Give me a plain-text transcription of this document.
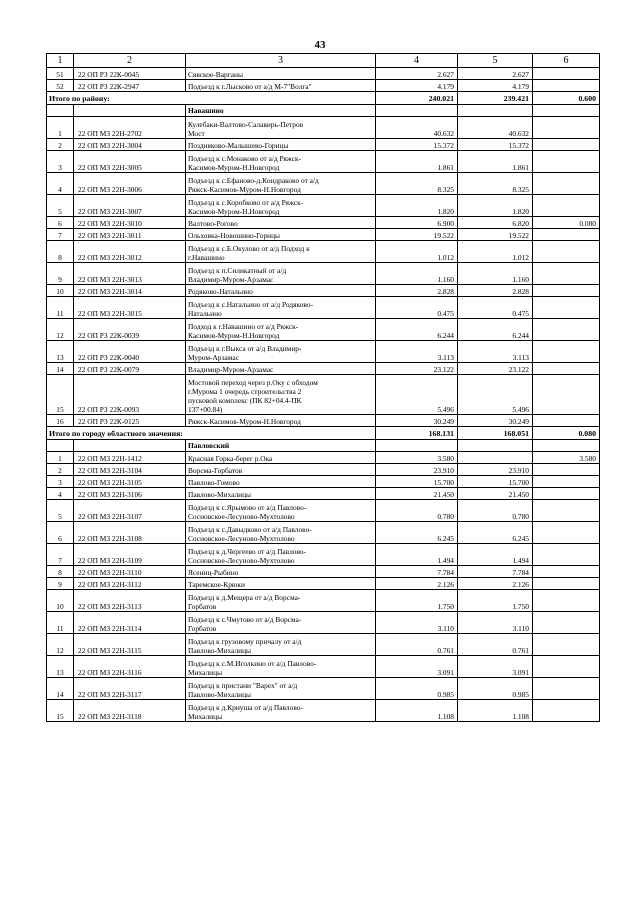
43
1	2	3	4	5	6
51	22 ОП РЗ 22К-0045	Сявское-Варганы	2.627	2.627	
52	22 ОП РЗ 22К-2947	Подъезд к г.Лысково от а/д М-7"Волга"	4.179	4.179	
Итого по району:			240.021	239.421	0.600
		Навашино			
1	22 ОП МЗ 22Н-2702	Кулебаки-Валтово-Салавирь-Петров
Мост	40.632	40.632	
2	22 ОП МЗ 22Н-3004	Поздняково-Малышево-Горицы	15.372	15.372	
3	22 ОП МЗ 22Н-3005	Подъезд к с.Монаково от а/д Ряжск-
Касимов-Муром-Н.Новгород	1.861	1.861	
4	22 ОП МЗ 22Н-3006	Подъезд к с.Ефаново-д.Кондраково от а/д
Ряжск-Касимов-Муром-Н.Новгород	8.325	8.325	
5	22 ОП МЗ 22Н-3007	Подъезд к с.Коробково от а/д Ряжск-
Касимов-Муром-Н.Новгород	1.820	1.820	
6	22 ОП МЗ 22Н-3010	Валтово-Рогово	6.900	6.820	0.080
7	22 ОП МЗ 22Н-3011	Ольховка-Новошино-Горицы	19.522	19.522	
8	22 ОП МЗ 22Н-3012	Подъезд к с.Б.Окулово от а/д Подход к
г.Навашино	1.012	1.012	
9	22 ОП МЗ 22Н-3013	Подъезд к п.Силикатный от а/д
Владимир-Муром-Арзамас	1.160	1.160	
10	22 ОП МЗ 22Н-3014	Родяково-Натальино	2.828	2.828	
11	22 ОП МЗ 22Н-3015	Подъезд к с.Натальино от а/д Родяково-
Натальино	0.475	0.475	
12	22 ОП РЗ 22К-0039	Подход к г.Навашино от а/д Ряжск-
Касимов-Муром-Н.Новгород	6.244	6.244	
13	22 ОП РЗ 22К-0040	Подъезд к г.Выкса от а/д Владимир-
Муром-Арзамас	3.113	3.113	
14	22 ОП РЗ 22К-0079	Владимир-Муром-Арзамас	23.122	23.122	
15	22 ОП РЗ 22К-0093	Мостовой переход через р.Оку с обходом
г.Мурома 1 очередь строительства 2
пусковой комплекс (ПК 82+04.4-ПК
137+00.84)	5.496	5.496	
16	22 ОП РЗ 22К-0125	Ряжск-Касимов-Муром-Н.Новгород	30.249	30.249	
Итого по городу областного значения:			168.131	168.051	0.080
		Павловский			
1	22 ОП МЗ 22Н-1412	Красная Горка-берег р.Ока	3.580		3.580
2	22 ОП МЗ 22Н-3104	Ворсма-Горбатов	23.910	23.910	
3	22 ОП МЗ 22Н-3105	Павлово-Гомово	15.700	15.700	
4	22 ОП МЗ 22Н-3106	Павлово-Михалицы	21.450	21.450	
5	22 ОП МЗ 22Н-3107	Подъезд к с.Ярымово от а/д Павлово-
Сосновское-Лесуново-Мухтолово	0.780	0.780	
6	22 ОП МЗ 22Н-3108	Подъезд к с.Давыдково от а/д Павлово-
Сосновское-Лесуново-Мухтолово	6.245	6.245	
7	22 ОП МЗ 22Н-3109	Подъезд к д.Чергеево от а/д Павлово-
Сосновское-Лесуново-Мухтолово	1.494	1.494	
8	22 ОП МЗ 22Н-3110	Ясениц-Рыбино	7.784	7.784	
9	22 ОП МЗ 22Н-3112	Таремское-Крюки	2.126	2.126	
10	22 ОП МЗ 22Н-3113	Подъезд к д.Мещера от а/д Ворсма-
Горбатов	1.750	1.750	
11	22 ОП МЗ 22Н-3114	Подъезд к с.Чмутово от а/д Ворсма-
Горбатов	3.110	3.110	
12	22 ОП МЗ 22Н-3115	Подъезд к грузовому причалу от а/д
Павлово-Михалицы	0.761	0.761	
13	22 ОП МЗ 22Н-3116	Подъезд к с.М.Иголкино от а/д Павлово-
Михалицы	3.091	3.091	
14	22 ОП МЗ 22Н-3117	Подъезд к пристани "Варех" от а/д
Павлово-Михалицы	0.985	0.985	
15	22 ОП МЗ 22Н-3118	Подъезд к д.Криуша от а/д Павлово-
Михалицы	1.108	1.108	
